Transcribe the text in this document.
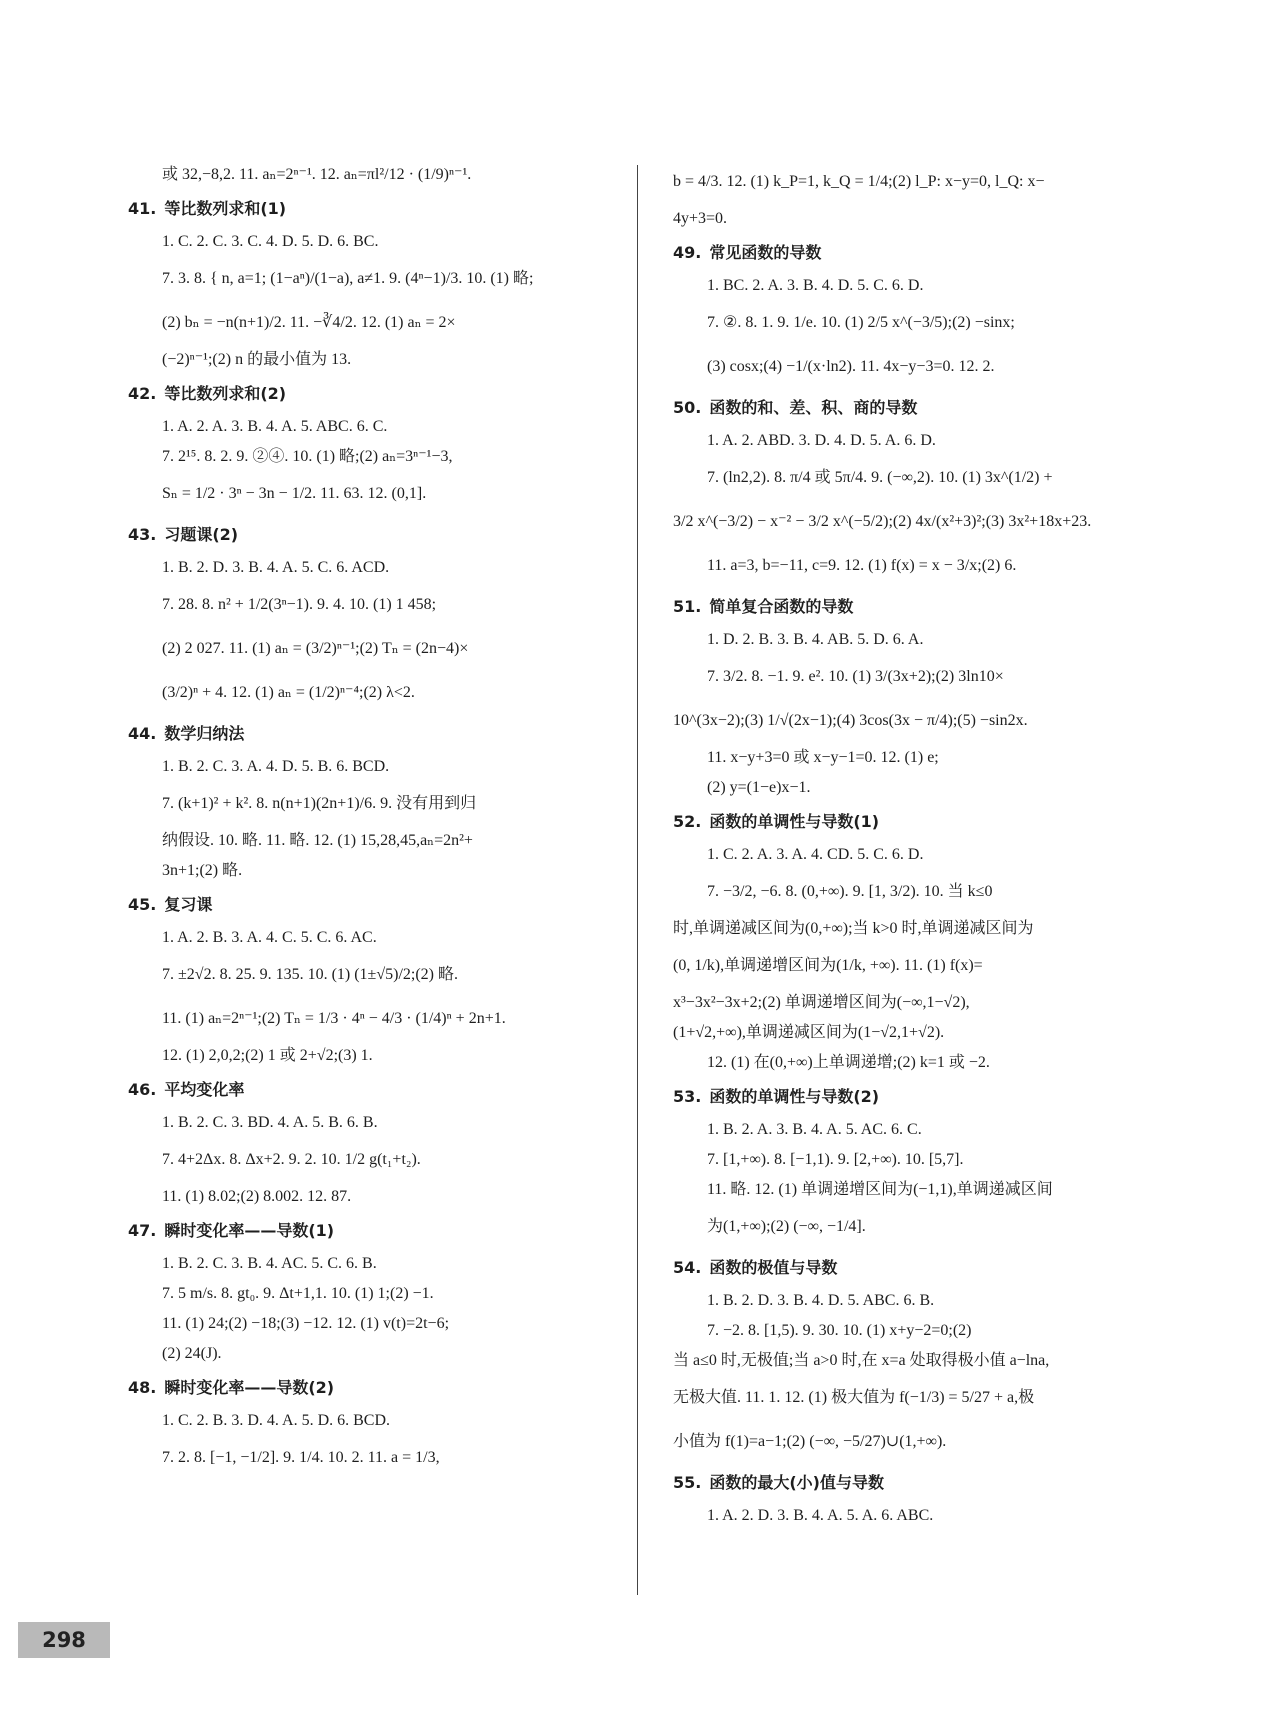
或 32,−8,2. 11. aₙ=2ⁿ⁻¹. 12. aₙ=πl²/12 · (1/9)ⁿ⁻¹.
41. 等比数列求和(1)
1. C. 2. C. 3. C. 4. D. 5. D. 6. BC.
7. 3. 8. { n, a=1; (1−aⁿ)/(1−a), a≠1. 9. (4ⁿ−1)/3. 10. (1) 略;
(2) bₙ = −n(n+1)/2. 11. −∛4/2. 12. (1) aₙ = 2×
(−2)ⁿ⁻¹;(2) n 的最小值为 13.
42. 等比数列求和(2)
1. A. 2. A. 3. B. 4. A. 5. ABC. 6. C.
7. 2¹⁵. 8. 2. 9. ②④. 10. (1) 略;(2) aₙ=3ⁿ⁻¹−3,
Sₙ = 1/2 · 3ⁿ − 3n − 1/2. 11. 63. 12. (0,1].
43. 习题课(2)
1. B. 2. D. 3. B. 4. A. 5. C. 6. ACD.
7. 28. 8. n² + 1/2(3ⁿ−1). 9. 4. 10. (1) 1 458;
(2) 2 027. 11. (1) aₙ = (3/2)ⁿ⁻¹;(2) Tₙ = (2n−4)×
(3/2)ⁿ + 4. 12. (1) aₙ = (1/2)ⁿ⁻⁴;(2) λ<2.
44. 数学归纳法
1. B. 2. C. 3. A. 4. D. 5. B. 6. BCD.
7. (k+1)² + k². 8. n(n+1)(2n+1)/6. 9. 没有用到归
纳假设. 10. 略. 11. 略. 12. (1) 15,28,45,aₙ=2n²+
3n+1;(2) 略.
45. 复习课
1. A. 2. B. 3. A. 4. C. 5. C. 6. AC.
7. ±2√2. 8. 25. 9. 135. 10. (1) (1±√5)/2;(2) 略.
11. (1) aₙ=2ⁿ⁻¹;(2) Tₙ = 1/3 · 4ⁿ − 4/3 · (1/4)ⁿ + 2n+1.
12. (1) 2,0,2;(2) 1 或 2+√2;(3) 1.
46. 平均变化率
1. B. 2. C. 3. BD. 4. A. 5. B. 6. B.
7. 4+2Δx. 8. Δx+2. 9. 2. 10. 1/2 g(t₁+t₂).
11. (1) 8.02;(2) 8.002. 12. 87.
47. 瞬时变化率——导数(1)
1. B. 2. C. 3. B. 4. AC. 5. C. 6. B.
7. 5 m/s. 8. gt₀. 9. Δt+1,1. 10. (1) 1;(2) −1.
11. (1) 24;(2) −18;(3) −12. 12. (1) v(t)=2t−6;
(2) 24(J).
48. 瞬时变化率——导数(2)
1. C. 2. B. 3. D. 4. A. 5. D. 6. BCD.
7. 2. 8. [−1, −1/2]. 9. 1/4. 10. 2. 11. a = 1/3,
b = 4/3. 12. (1) k_P=1, k_Q = 1/4;(2) l_P: x−y=0, l_Q: x−
4y+3=0.
49. 常见函数的导数
1. BC. 2. A. 3. B. 4. D. 5. C. 6. D.
7. ②. 8. 1. 9. 1/e. 10. (1) 2/5 x^(−3/5);(2) −sinx;
(3) cosx;(4) −1/(x·ln2). 11. 4x−y−3=0. 12. 2.
50. 函数的和、差、积、商的导数
1. A. 2. ABD. 3. D. 4. D. 5. A. 6. D.
7. (ln2,2). 8. π/4 或 5π/4. 9. (−∞,2). 10. (1) 3x^(1/2) +
3/2 x^(−3/2) − x⁻² − 3/2 x^(−5/2);(2) 4x/(x²+3)²;(3) 3x²+18x+23.
11. a=3, b=−11, c=9. 12. (1) f(x) = x − 3/x;(2) 6.
51. 简单复合函数的导数
1. D. 2. B. 3. B. 4. AB. 5. D. 6. A.
7. 3/2. 8. −1. 9. e². 10. (1) 3/(3x+2);(2) 3ln10×
10^(3x−2);(3) 1/√(2x−1);(4) 3cos(3x − π/4);(5) −sin2x.
11. x−y+3=0 或 x−y−1=0. 12. (1) e;
(2) y=(1−e)x−1.
52. 函数的单调性与导数(1)
1. C. 2. A. 3. A. 4. CD. 5. C. 6. D.
7. −3/2, −6. 8. (0,+∞). 9. [1, 3/2). 10. 当 k≤0
时,单调递减区间为(0,+∞);当 k>0 时,单调递减区间为
(0, 1/k),单调递增区间为(1/k, +∞). 11. (1) f(x)=
x³−3x²−3x+2;(2) 单调递增区间为(−∞,1−√2),
(1+√2,+∞),单调递减区间为(1−√2,1+√2).
12. (1) 在(0,+∞)上单调递增;(2) k=1 或 −2.
53. 函数的单调性与导数(2)
1. B. 2. A. 3. B. 4. A. 5. AC. 6. C.
7. [1,+∞). 8. [−1,1). 9. [2,+∞). 10. [5,7].
11. 略. 12. (1) 单调递增区间为(−1,1),单调递减区间
为(1,+∞);(2) (−∞, −1/4].
54. 函数的极值与导数
1. B. 2. D. 3. B. 4. D. 5. ABC. 6. B.
7. −2. 8. [1,5). 9. 30. 10. (1) x+y−2=0;(2)
当 a≤0 时,无极值;当 a>0 时,在 x=a 处取得极小值 a−lna,
无极大值. 11. 1. 12. (1) 极大值为 f(−1/3) = 5/27 + a,极
小值为 f(1)=a−1;(2) (−∞, −5/27)∪(1,+∞).
55. 函数的最大(小)值与导数
1. A. 2. D. 3. B. 4. A. 5. A. 6. ABC.
298
